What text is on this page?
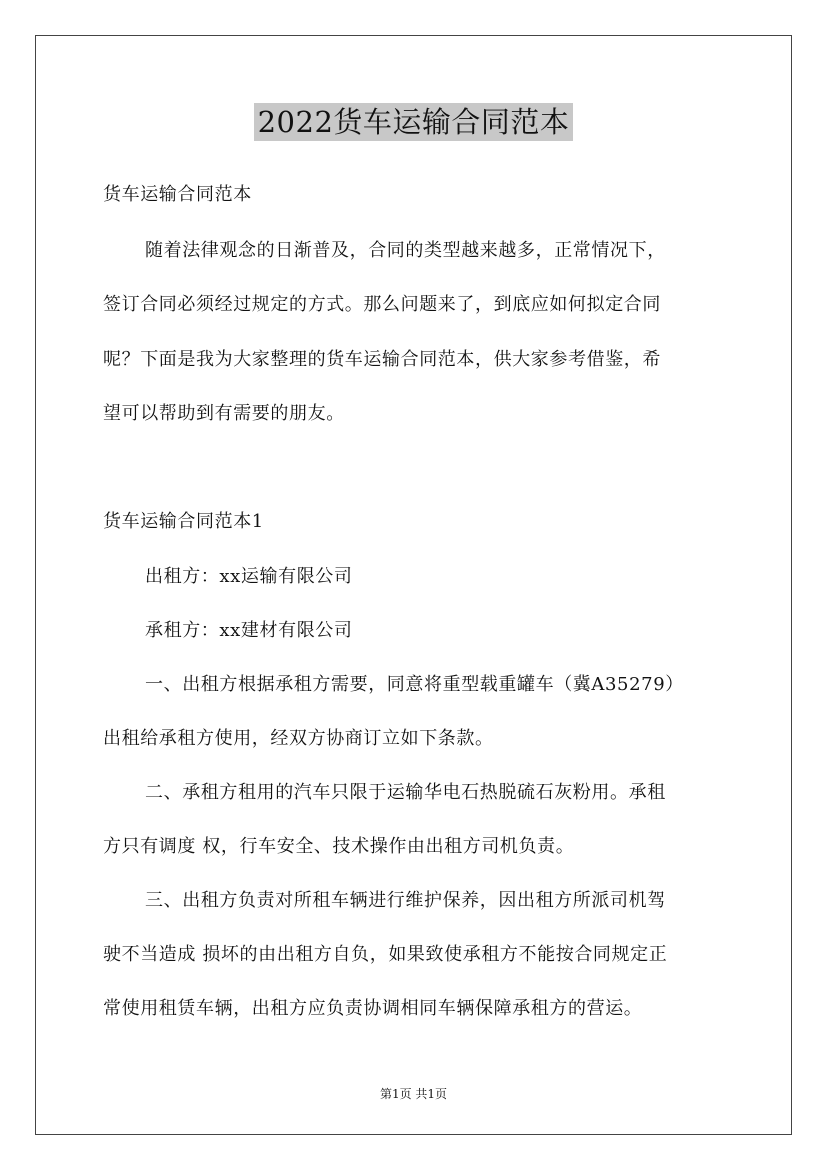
2022货车运输合同范本
货车运输合同范本
随着法律观念的日渐普及，合同的类型越来越多，正常情况下，
签订合同必须经过规定的方式。那么问题来了，到底应如何拟定合同
呢？下面是我为大家整理的货车运输合同范本，供大家参考借鉴，希
望可以帮助到有需要的朋友。
货车运输合同范本1
出租方：xx运输有限公司
承租方：xx建材有限公司
一、出租方根据承租方需要，同意将重型载重罐车（冀A35279）
出租给承租方使用，经双方协商订立如下条款。
二、承租方租用的汽车只限于运输华电石热脱硫石灰粉用。承租
方只有调度 权，行车安全、技术操作由出租方司机负责。
三、出租方负责对所租车辆进行维护保养，因出租方所派司机驾
驶不当造成 损坏的由出租方自负，如果致使承租方不能按合同规定正
常使用租赁车辆，出租方应负责协调相同车辆保障承租方的营运。
第1页 共1页
